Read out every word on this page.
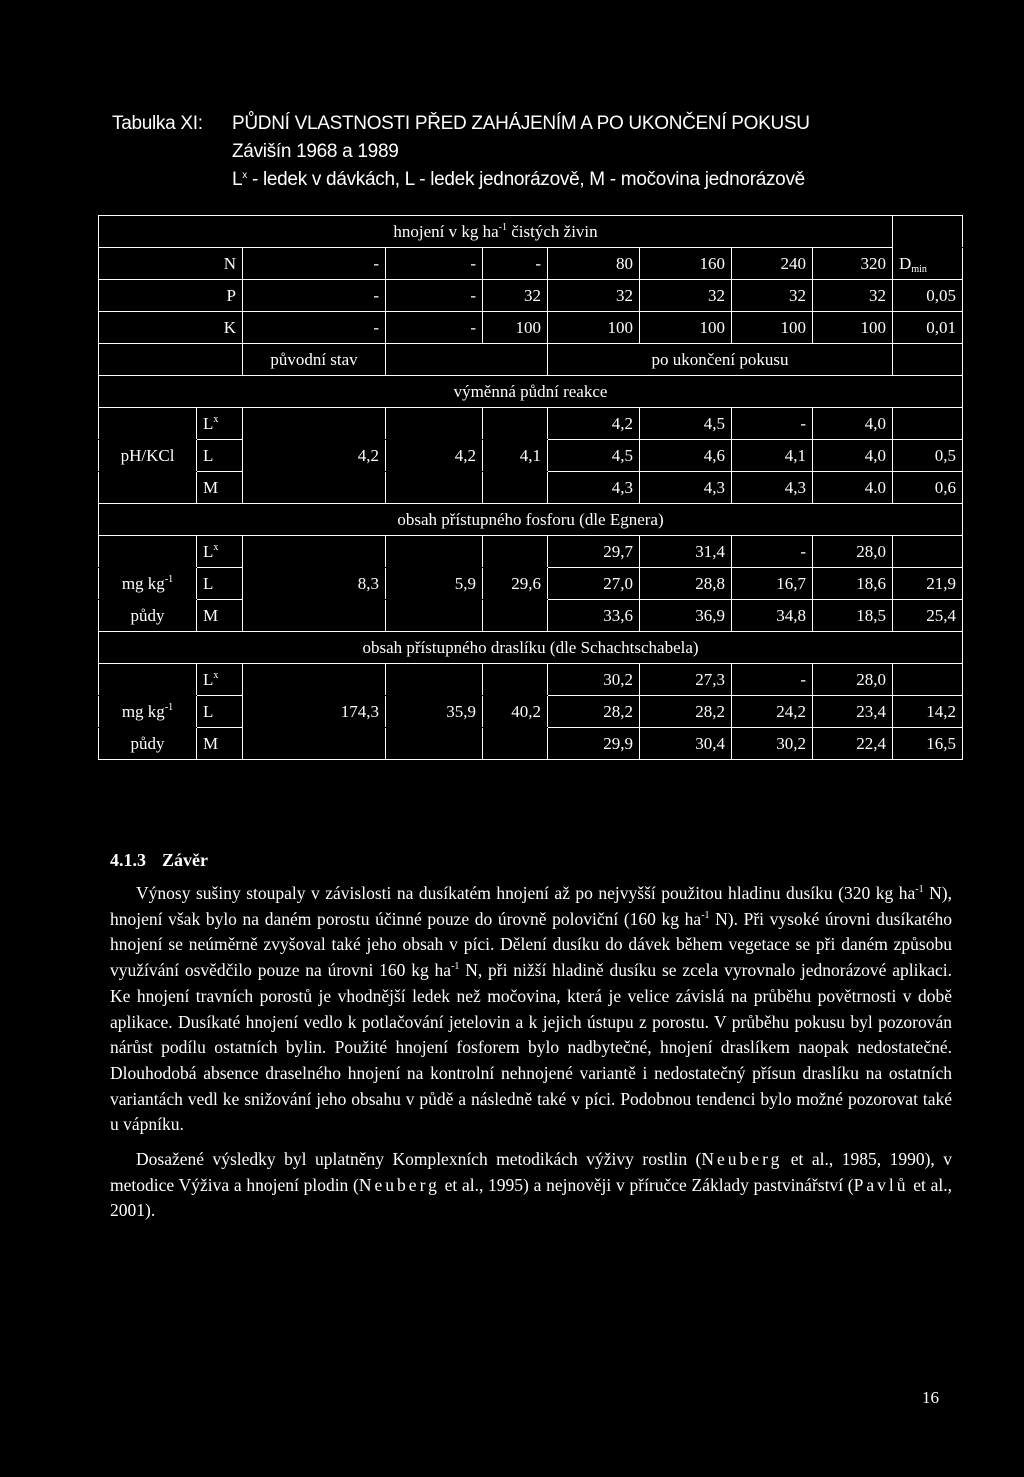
Tabulka XI:	PŮDNÍ VLASTNOSTI PŘED ZAHÁJENÍM A PO UKONČENÍ POKUSU
Závišín 1968 a 1989
$L^x$ - ledek v dávkách, L - ledek jednorázově, M - močovina jednorázově
hnojení v kg $ha^{-1}$ čistých živin									
N		-	-	-	80	160	240	320	$D_{min}$
P		-	-	32	32	32	32	32	0,05
K		-	-	100	100	100	100	100	0,01
		původní stav			po ukončení pokusu				
výměnná půdní reakce									
	$L^x$				4,2	4,5	-	4,0	
pH/KCl	L	4,2	4,2	4,1	4,5	4,6	4,1	4,0	0,5
	M				4,3	4,3	4,3	4.0	0,6
obsah přístupného fosforu (dle Egnera)									
	$L^x$				29,7	31,4	-	28,0	
mg $kg^{-1}$	L	8,3	5,9	29,6	27,0	28,8	16,7	18,6	21,9
půdy	M				33,6	36,9	34,8	18,5	25,4
obsah přístupného draslíku (dle Schachtschabela)									
	$L^x$				30,2	27,3	-	28,0	
mg $kg^{-1}$	L	174,3	35,9	40,2	28,2	28,2	24,2	23,4	14,2
půdy	M				29,9	30,4	30,2	22,4	16,5
4.1.3 Závěr

Výnosy sušiny stoupaly v závislosti na dusíkatém hnojení až po nejvyšší použitou hladinu dusíku (320 kg $ha^{-1}$ N), hnojení však bylo na daném porostu účinné pouze do úrovně poloviční (160 kg $ha^{-1}$ N). Při vysoké úrovni dusíkatého hnojení se neúměrně zvyšoval také jeho obsah v píci. Dělení dusíku do dávek během vegetace se při daném způsobu využívání osvědčilo pouze na úrovni 160 kg $ha^{-1}$ N, při nižší hladině dusíku se zcela vyrovnalo jednorázové aplikaci. Ke hnojení travních porostů je vhodnější ledek než močovina, která je velice závislá na průběhu povětrnosti v době aplikace. Dusíkaté hnojení vedlo k potlačování jetelovin a k jejich ústupu z porostu. V průběhu pokusu byl pozorován nárůst podílu ostatních bylin. Použité hnojení fosforem bylo nadbytečné, hnojení draslíkem naopak nedostatečné. Dlouhodobá absence draselného hnojení na kontrolní nehnojené variantě i nedostatečný přísun draslíku na ostatních variantách vedl ke snižování jeho obsahu v půdě a následně také v píci. Podobnou tendenci bylo možné pozorovat také u vápníku.

Dosažené výsledky byl uplatněny Komplexních metodikách výživy rostlin (Neuberg et al., 1985, 1990), v metodice Výživa a hnojení plodin (Neuberg et al., 1995) a nejnověji v příručce Základy pastvinářství (Pavlů et al., 2001).

16
